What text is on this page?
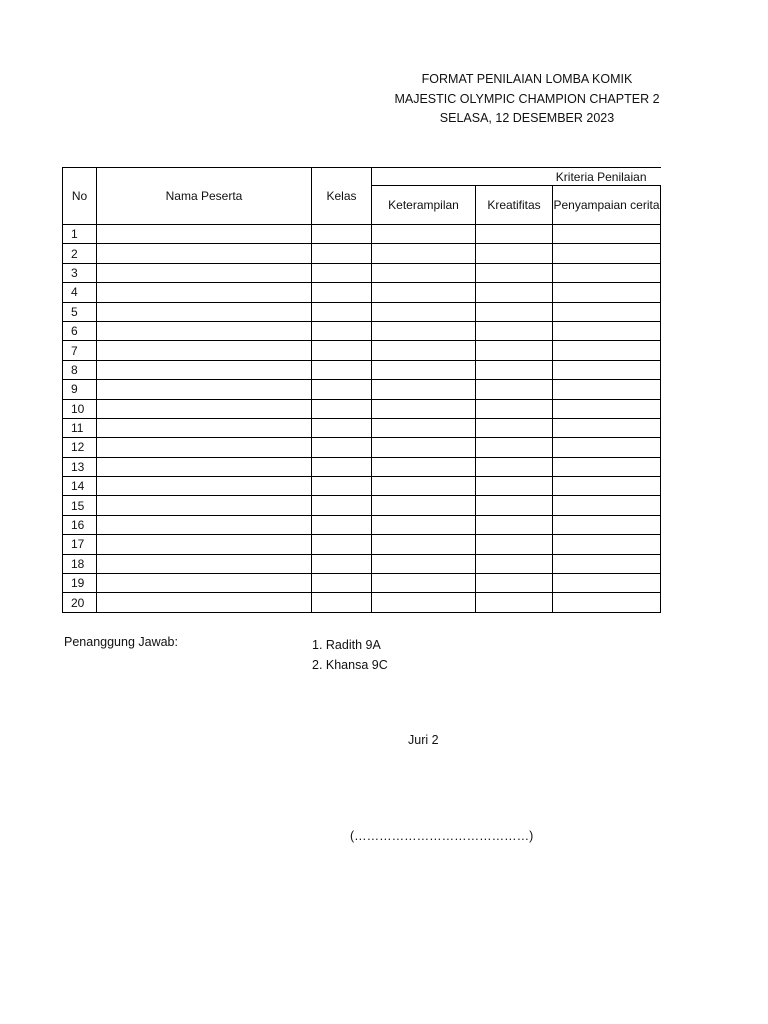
FORMAT PENILAIAN LOMBA KOMIK
MAJESTIC OLYMPIC CHAMPION CHAPTER 2
SELASA, 12 DESEMBER 2023
No	Nama Peserta	Kelas	Kriteria Penilaian		
			Keterampilan	Kreatifitas	Penyampaian cerita
1					
2					
3					
4					
5					
6					
7					
8					
9					
10					
11					
12					
13					
14					
15					
16					
17					
18					
19					
20					
Penanggung Jawab:	1. Radith 9A
2. Khansa 9C
Juri 2
(……………………………………)
